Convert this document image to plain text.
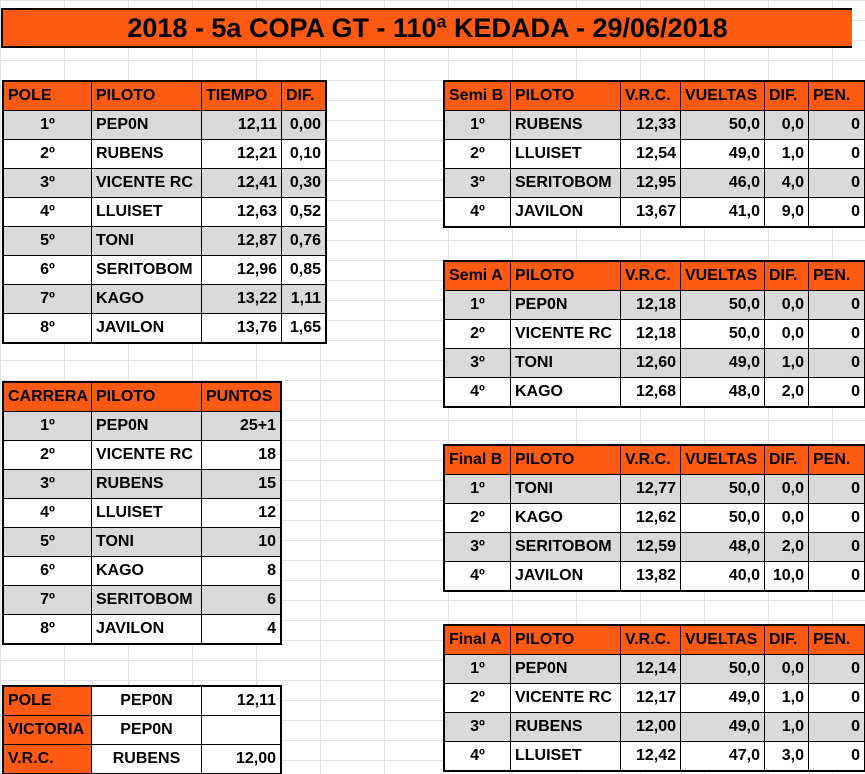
2018 - 5a COPA GT - 110ª KEDADA - 29/06/2018
POLE	PILOTO	TIEMPO	DIF.
1º	PEP0N	12,11	0,00
2º	RUBENS	12,21	0,10
3º	VICENTE RC	12,41	0,30
4º	LLUISET	12,63	0,52
5º	TONI	12,87	0,76
6º	SERITOBOM	12,96	0,85
7º	KAGO	13,22	1,11
8º	JAVILON	13,76	1,65
CARRERA	PILOTO	PUNTOS
1º	PEP0N	25+1
2º	VICENTE RC	18
3º	RUBENS	15
4º	LLUISET	12
5º	TONI	10
6º	KAGO	8
7º	SERITOBOM	6
8º	JAVILON	4
POLE	PEP0N	12,11
VICTORIA	PEP0N	
V.R.C.	RUBENS	12,00
Semi B	PILOTO	V.R.C.	VUELTAS	DIF.	PEN.
1º	RUBENS	12,33	50,0	0,0	0
2º	LLUISET	12,54	49,0	1,0	0
3º	SERITOBOM	12,95	46,0	4,0	0
4º	JAVILON	13,67	41,0	9,0	0
Semi A	PILOTO	V.R.C.	VUELTAS	DIF.	PEN.
1º	PEP0N	12,18	50,0	0,0	0
2º	VICENTE RC	12,18	50,0	0,0	0
3º	TONI	12,60	49,0	1,0	0
4º	KAGO	12,68	48,0	2,0	0
Final B	PILOTO	V.R.C.	VUELTAS	DIF.	PEN.
1º	TONI	12,77	50,0	0,0	0
2º	KAGO	12,62	50,0	0,0	0
3º	SERITOBOM	12,59	48,0	2,0	0
4º	JAVILON	13,82	40,0	10,0	0
Final A	PILOTO	V.R.C.	VUELTAS	DIF.	PEN.
1º	PEP0N	12,14	50,0	0,0	0
2º	VICENTE RC	12,17	49,0	1,0	0
3º	RUBENS	12,00	49,0	1,0	0
4º	LLUISET	12,42	47,0	3,0	0
